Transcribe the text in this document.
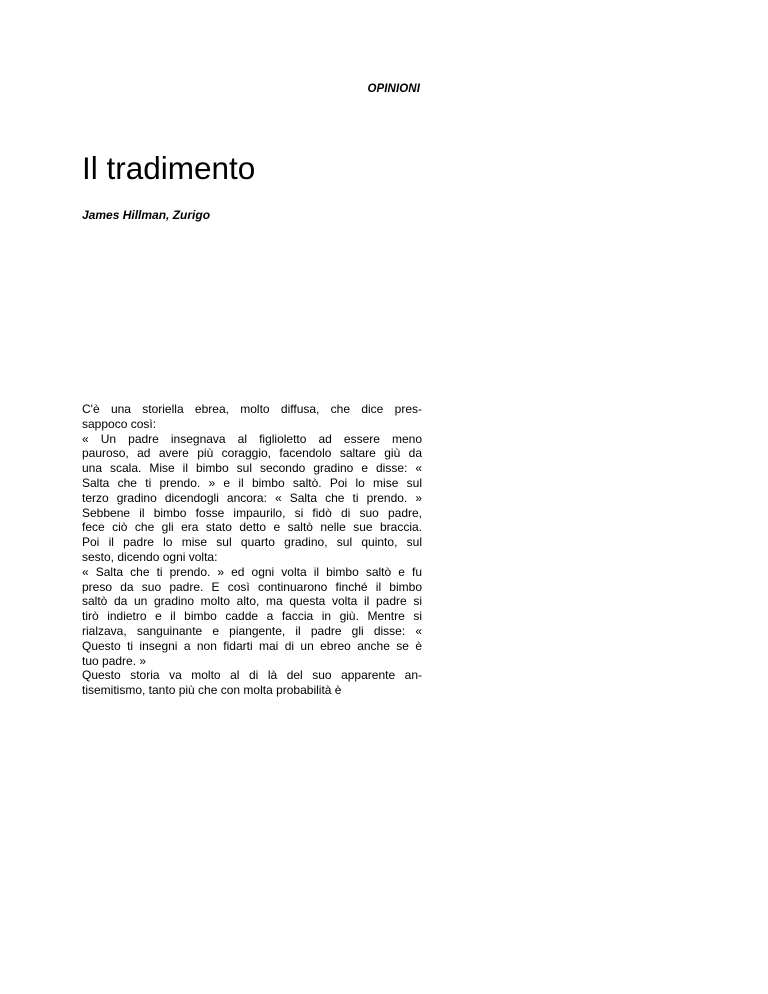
OPINIONI
Il tradimento
James Hillman, Zurigo
C'è una storiella ebrea, molto diffusa, che dice pres-
sappoco così:
« Un padre insegnava al figlioletto ad essere meno
pauroso, ad avere più coraggio, facendolo saltare giù da
una scala. Mise il bimbo sul secondo gradino e disse: «
Salta che ti prendo. » e il bimbo saltò. Poi lo mise sul
terzo gradino dicendogli ancora: « Salta che ti prendo. »
Sebbene il bimbo fosse impaurilo, si fidò di suo padre,
fece ciò che gli era stato detto e saltò nelle sue braccia.
Poi il padre lo mise sul quarto gradino, sul quinto, sul
sesto, dicendo ogni volta:
« Salta che ti prendo. » ed ogni volta il bimbo saltò e fu
preso da suo padre. E così continuarono finché il bimbo
saltò da un gradino molto alto, ma questa volta il padre si
tirò indietro e il bimbo cadde a faccia in giù. Mentre si
rialzava, sanguinante e piangente, il padre gli disse: «
Questo ti insegni a non fidarti mai di un ebreo anche se è
tuo padre. »
Questo storia va molto al di là del suo apparente an-
tisemitismo, tanto più che con molta probabilità è
